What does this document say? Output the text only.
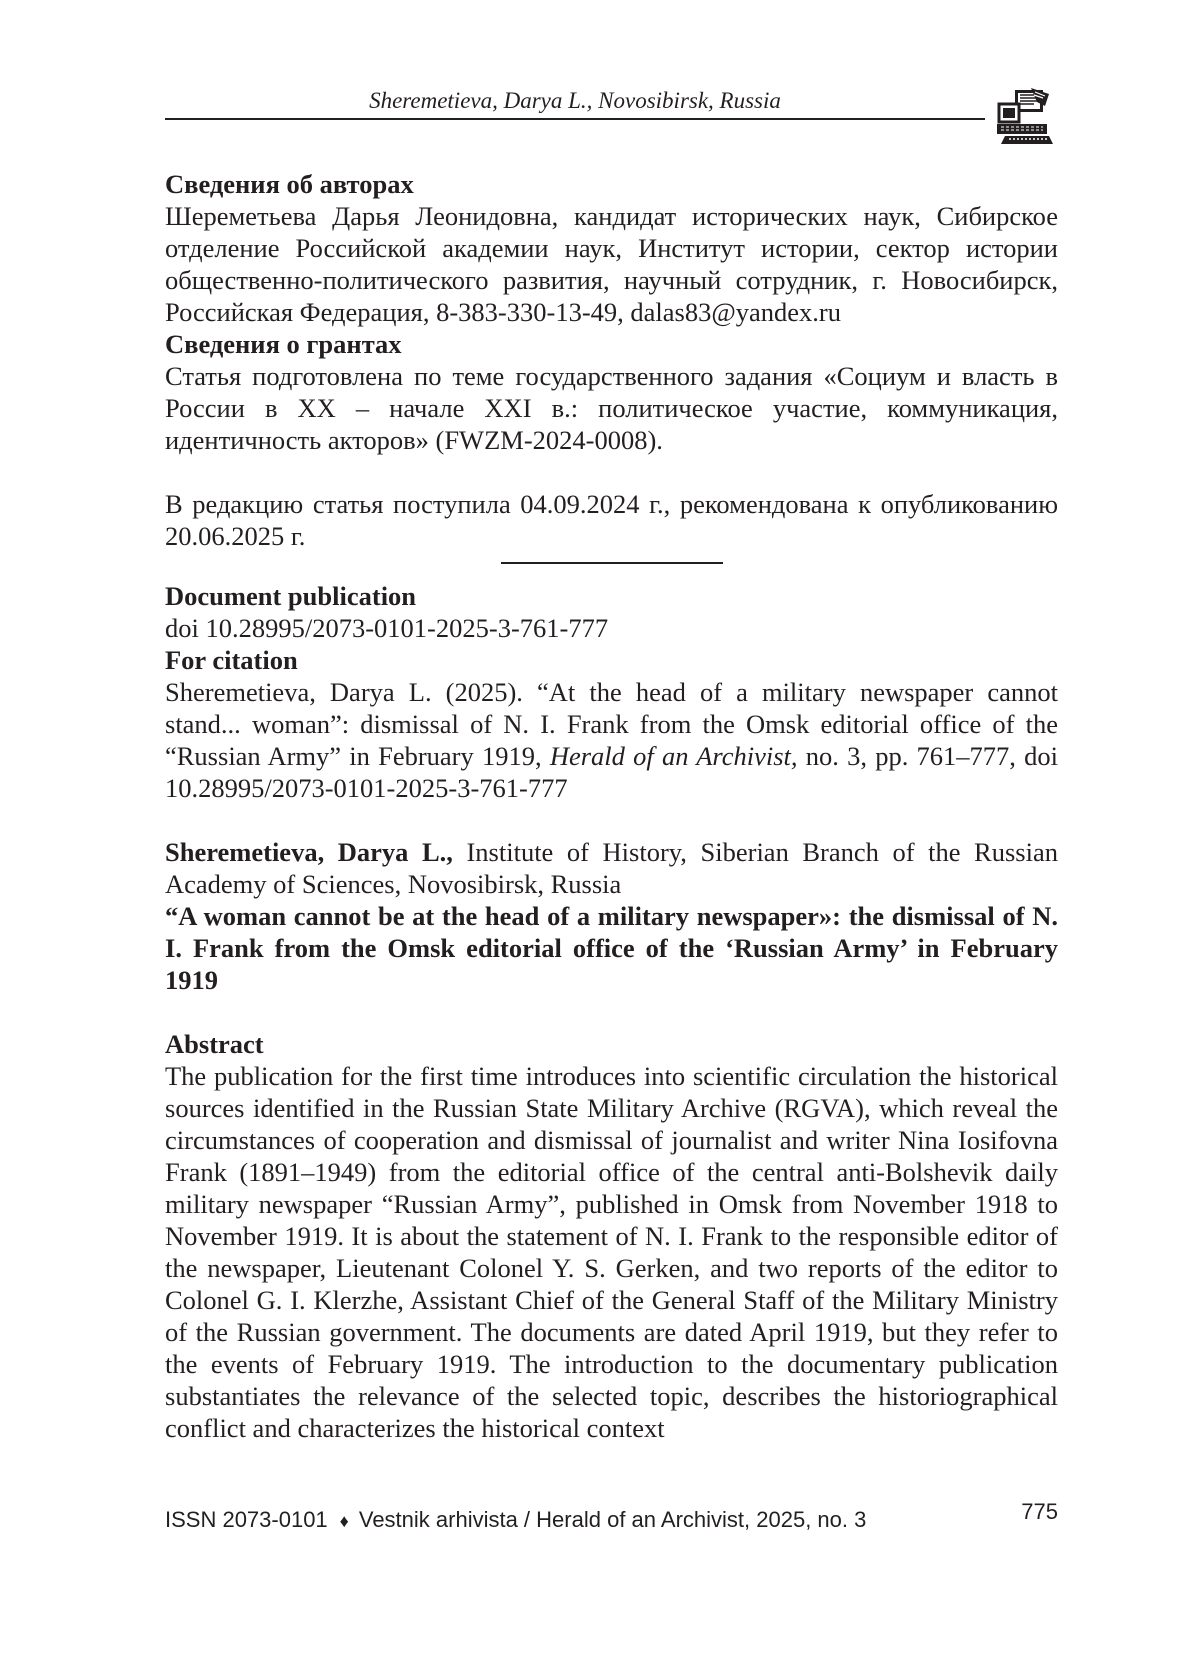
Sheremetieva, Darya L., Novosibirsk, Russia

Сведения об авторах

Шереметьева Дарья Леонидовна, кандидат исторических наук, Сибирское отделение Российской академии наук, Институт истории, сектор истории общественно-политического развития, научный сотрудник, г. Новосибирск, Российская Федерация, 8-383-330-13-49, dalas83@yandex.ru

Сведения о грантах

Статья подготовлена по теме государственного задания «Социум и власть в России в XX – начале XXI в.: политическое участие, коммуникация, идентичность акторов» (FWZM-2024-0008).

В редакцию статья поступила 04.09.2024 г., рекомендована к опубликованию 20.06.2025 г.

Document publication

doi 10.28995/2073-0101-2025-3-761-777

For citation

Sheremetieva, Darya L. (2025). “At the head of a military newspaper cannot stand... woman”: dismissal of N. I. Frank from the Omsk editorial office of the “Russian Army” in February 1919, Herald of an Archivist, no. 3, pp. 761–777, doi 10.28995/2073-0101-2025-3-761-777

Sheremetieva, Darya L., Institute of History, Siberian Branch of the Russian Academy of Sciences, Novosibirsk, Russia

“A woman cannot be at the head of a military newspaper»: the dismissal of N. I. Frank from the Omsk editorial office of the ‘Russian Army’ in February 1919

Abstract

The publication for the first time introduces into scientific circulation the historical sources identified in the Russian State Military Archive (RGVA), which reveal the circumstances of cooperation and dismissal of journalist and writer Nina Iosifovna Frank (1891–1949) from the editorial office of the central anti-Bolshevik daily military newspaper “Russian Army”, published in Omsk from November 1918 to November 1919. It is about the statement of N. I. Frank to the responsible editor of the newspaper, Lieutenant Colonel Y. S. Gerken, and two reports of the editor to Colonel G. I. Klerzhe, Assistant Chief of the General Staff of the Military Ministry of the Russian government. The documents are dated April 1919, but they refer to the events of February 1919. The introduction to the documentary publication substantiates the relevance of the selected topic, describes the historiographical conflict and characterizes the historical context

ISSN 2073-0101 ♦ Vestnik arhivista / Herald of an Archivist, 2025, no. 3	775
